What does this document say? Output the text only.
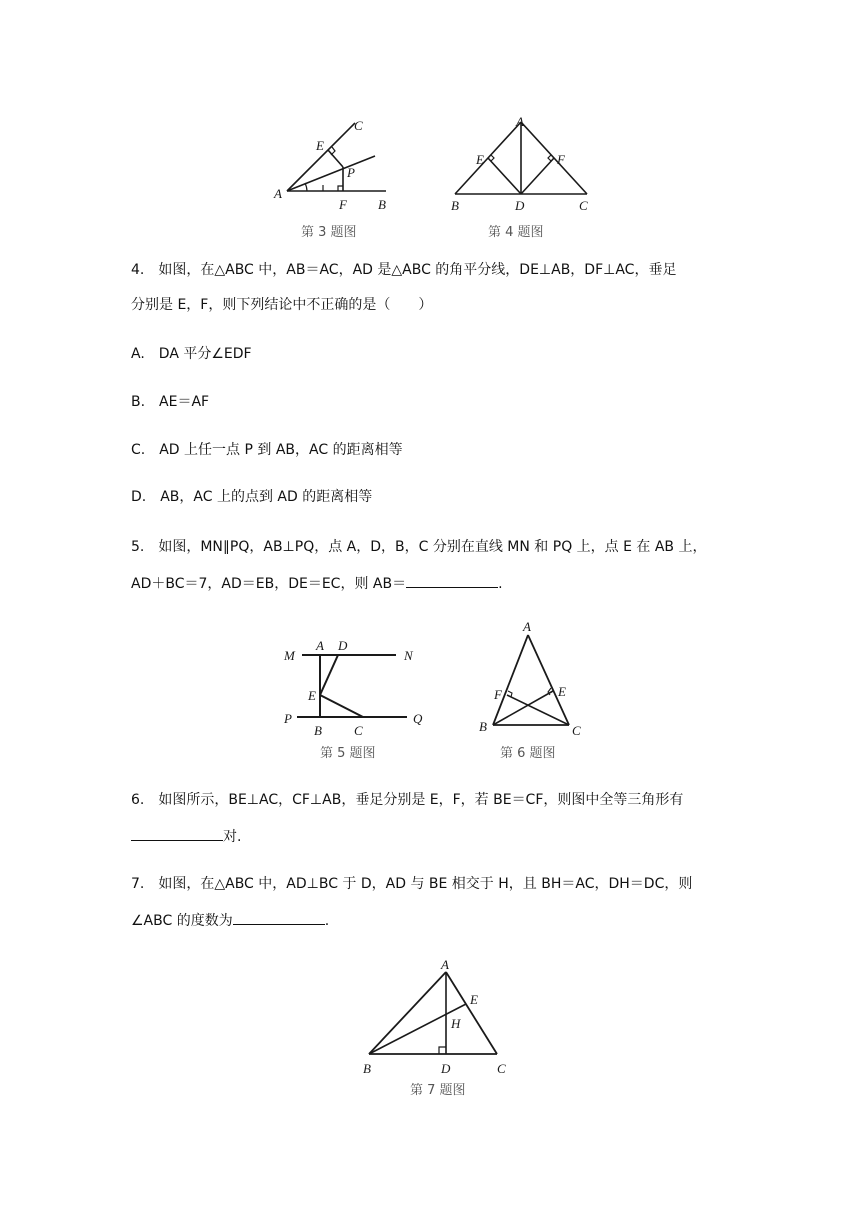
C
E
P
A
F B
第 3 题图
A
E	F
B	D	C
第 4 题图
4.　如图，在△ABC 中，AB＝AC，AD 是△ABC 的角平分线，DE⊥AB，DF⊥AC，垂足
分别是 E，F，则下列结论中不正确的是（　　）
A.　DA 平分∠EDF
B.　AE＝AF
C.　AD 上任一点 P 到 AB，AC 的距离相等
D.　AB，AC 上的点到 AD 的距离相等
5.　如图，MN∥PQ，AB⊥PQ，点 A，D，B，C 分别在直线 MN 和 PQ 上，点 E 在 AB 上，
AD＋BC＝7，AD＝EB，DE＝EC，则 AB＝	.
M
A D
N
E
P
B C
Q
第 5 题图
A
F	E
B	C
第 6 题图
6.　如图所示，BE⊥AC，CF⊥AB，垂足分别是 E，F，若 BE＝CF，则图中全等三角形有
对.
7.　如图，在△ABC 中，AD⊥BC 于 D，AD 与 BE 相交于 H，且 BH＝AC，DH＝DC，则
∠ABC 的度数为	.
A
E
H
B	D	C
第 7 题图
